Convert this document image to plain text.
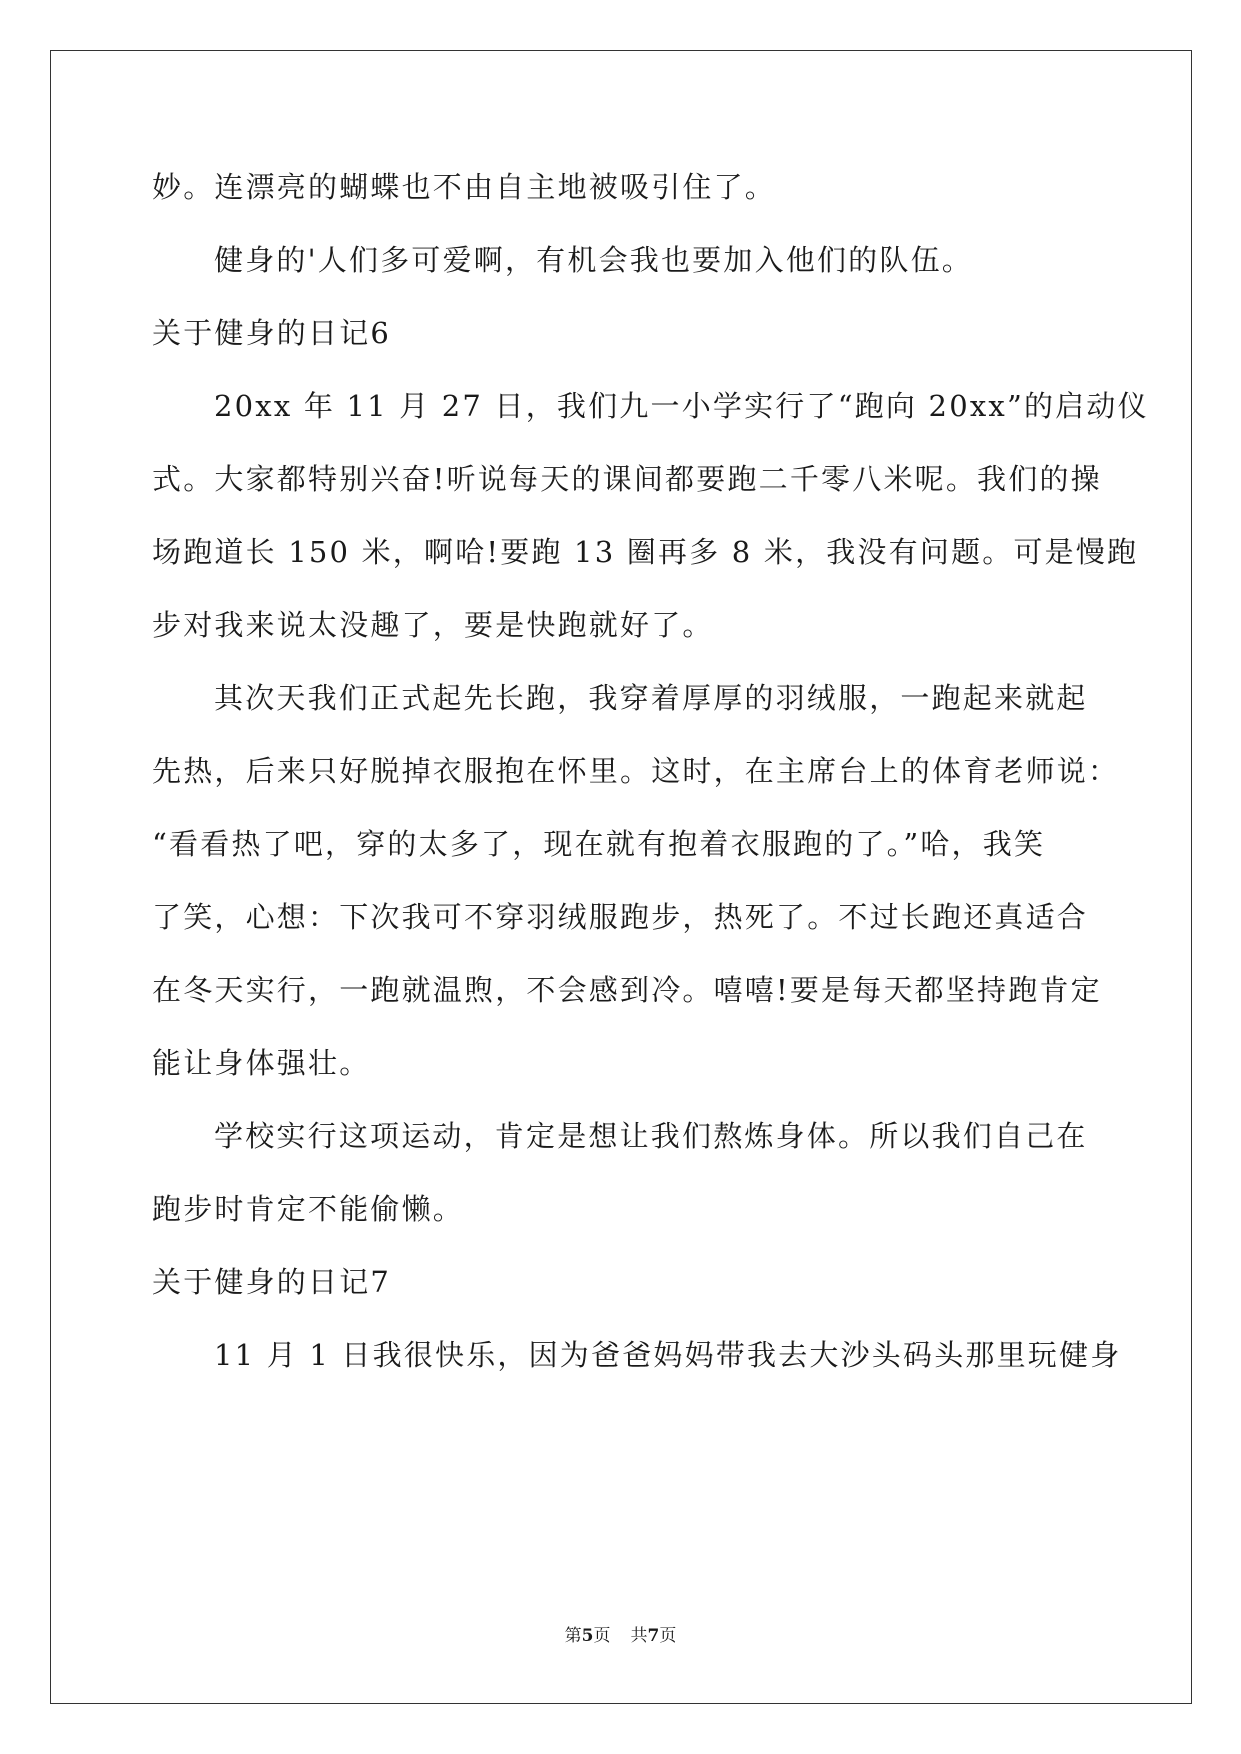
妙。连漂亮的蝴蝶也不由自主地被吸引住了。
健身的'人们多可爱啊，有机会我也要加入他们的队伍。
关于健身的日记6
20xx 年 11 月 27 日，我们九一小学实行了“跑向 20xx”的启动仪
式。大家都特别兴奋!听说每天的课间都要跑二千零八米呢。我们的操
场跑道长 150 米，啊哈!要跑 13 圈再多 8 米，我没有问题。可是慢跑
步对我来说太没趣了，要是快跑就好了。
其次天我们正式起先长跑，我穿着厚厚的羽绒服，一跑起来就起
先热，后来只好脱掉衣服抱在怀里。这时，在主席台上的体育老师说：
“看看热了吧，穿的太多了，现在就有抱着衣服跑的了。”哈，我笑
了笑，心想：下次我可不穿羽绒服跑步，热死了。不过长跑还真适合
在冬天实行，一跑就温煦，不会感到冷。嘻嘻!要是每天都坚持跑肯定
能让身体强壮。
学校实行这项运动，肯定是想让我们熬炼身体。所以我们自己在
跑步时肯定不能偷懒。
关于健身的日记7
11 月 1 日我很快乐，因为爸爸妈妈带我去大沙头码头那里玩健身
第5页 共7页
